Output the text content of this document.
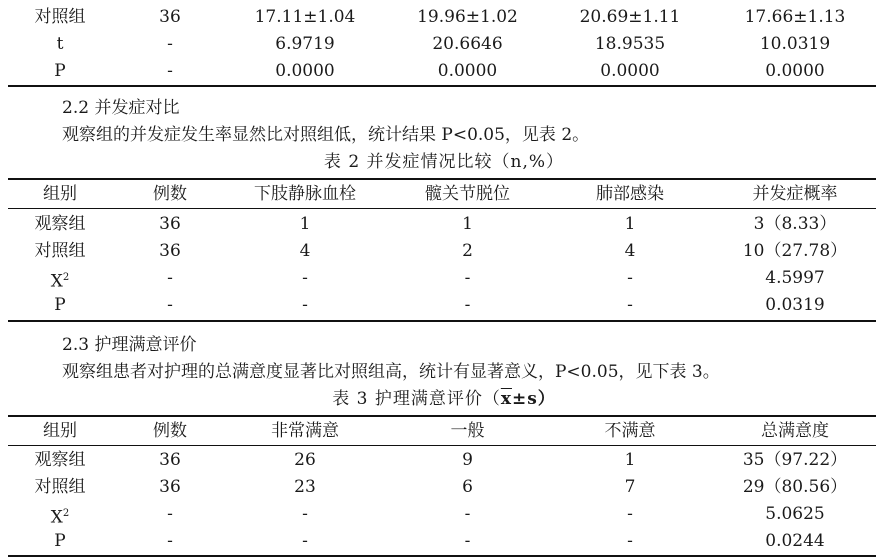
对照组	36	17.11±1.04	19.96±1.02	20.69±1.11	17.66±1.13
t	-	6.9719	20.6646	18.9535	10.0319
P	-	0.0000	0.0000	0.0000	0.0000
2.2 并发症对比
观察组的并发症发生率显然比对照组低，统计结果 P<0.05，见表 2。
表 2 并发症情况比较（n,%）
组别	例数	下肢静脉血栓	髋关节脱位	肺部感染	并发症概率
观察组	36	1	1	1	3（8.33）
对照组	36	4	2	4	10（27.78）
$X^2$	-	-	-	-	4.5997
P	-	-	-	-	0.0319
2.3 护理满意评价
观察组患者对护理的总满意度显著比对照组高，统计有显著意义，P<0.05，见下表 3。
表 3 护理满意评价$(\overline{x}\pm s)$
组别	例数	非常满意	一般	不满意	总满意度
观察组	36	26	9	1	35（97.22）
对照组	36	23	6	7	29（80.56）
$X^2$	-	-	-	-	5.0625
P	-	-	-	-	0.0244
